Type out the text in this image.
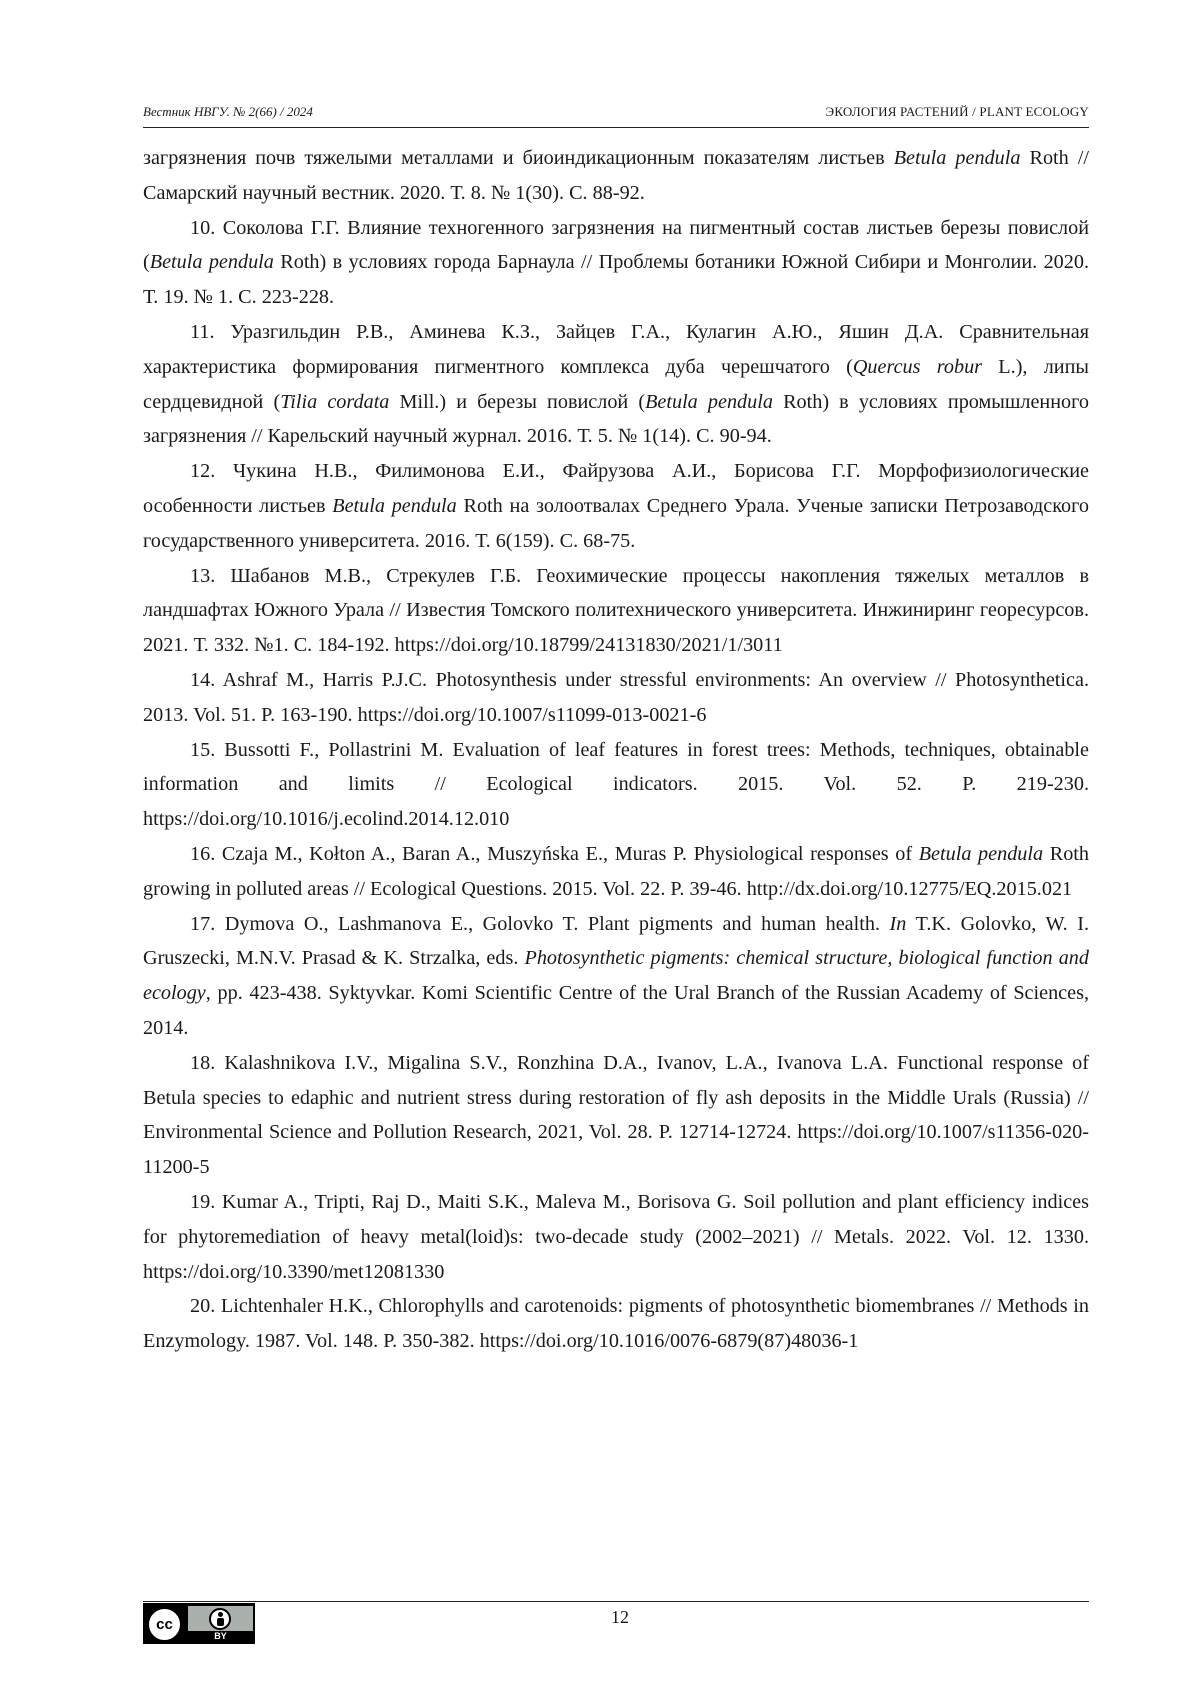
Вестник НВГУ. № 2(66) / 2024	ЭКОЛОГИЯ РАСТЕНИЙ / PLANT ECOLOGY

загрязнения почв тяжелыми металлами и биоиндикационным показателям листьев Betula pendula Roth // Самарский научный вестник. 2020. Т. 8. № 1(30). С. 88-92.

10. Соколова Г.Г. Влияние техногенного загрязнения на пигментный состав листьев березы повислой (Betula pendula Roth) в условиях города Барнаула // Проблемы ботаники Южной Сибири и Монголии. 2020. Т. 19. № 1. С. 223-228.

11. Уразгильдин Р.В., Аминева К.З., Зайцев Г.А., Кулагин А.Ю., Яшин Д.А. Сравнительная характеристика формирования пигментного комплекса дуба черешчатого (Quercus robur L.), липы сердцевидной (Tilia cordata Mill.) и березы повислой (Betula pendula Roth) в условиях промышленного загрязнения // Карельский научный журнал. 2016. Т. 5. № 1(14). С. 90-94.

12. Чукина Н.В., Филимонова Е.И., Файрузова А.И., Борисова Г.Г. Морфофизиологические особенности листьев Betula pendula Roth на золоотвалах Среднего Урала. Ученые записки Петрозаводского государственного университета. 2016. Т. 6(159). С. 68-75.

13. Шабанов М.В., Стрекулев Г.Б. Геохимические процессы накопления тяжелых металлов в ландшафтах Южного Урала // Известия Томского политехнического университета. Инжиниринг георесурсов. 2021. Т. 332. №1. С. 184-192. https://doi.org/10.18799/24131830/2021/1/3011

14. Ashraf M., Harris P.J.C. Photosynthesis under stressful environments: An overview // Photosynthetica. 2013. Vol. 51. P. 163-190. https://doi.org/10.1007/s11099-013-0021-6

15. Bussotti F., Pollastrini M. Evaluation of leaf features in forest trees: Methods, techniques, obtainable information and limits // Ecological indicators. 2015. Vol. 52. P. 219-230. https://doi.org/10.1016/j.ecolind.2014.12.010

16. Czaja M., Kołton A., Baran A., Muszyńska E., Muras P. Physiological responses of Betula pendula Roth growing in polluted areas // Ecological Questions. 2015. Vol. 22. P. 39-46. http://dx.doi.org/10.12775/EQ.2015.021

17. Dymova O., Lashmanova E., Golovko T. Plant pigments and human health. In T.K. Golovko, W. I. Gruszecki, M.N.V. Prasad & K. Strzalka, eds. Photosynthetic pigments: chemical structure, biological function and ecology, pp. 423-438. Syktyvkar. Komi Scientific Centre of the Ural Branch of the Russian Academy of Sciences, 2014.

18. Kalashnikova I.V., Migalina S.V., Ronzhina D.A., Ivanov, L.A., Ivanova L.A. Functional response of Betula species to edaphic and nutrient stress during restoration of fly ash deposits in the Middle Urals (Russia) // Environmental Science and Pollution Research, 2021, Vol. 28. P. 12714-12724. https://doi.org/10.1007/s11356-020-11200-5

19. Kumar A., Tripti, Raj D., Maiti S.K., Maleva M., Borisova G. Soil pollution and plant efficiency indices for phytoremediation of heavy metal(loid)s: two-decade study (2002–2021) // Metals. 2022. Vol. 12. 1330. https://doi.org/10.3390/met12081330

20. Lichtenhaler H.K., Chlorophylls and carotenoids: pigments of photosynthetic biomembranes // Methods in Enzymology. 1987. Vol. 148. P. 350-382. https://doi.org/10.1016/0076-6879(87)48036-1

cc
BY
12
